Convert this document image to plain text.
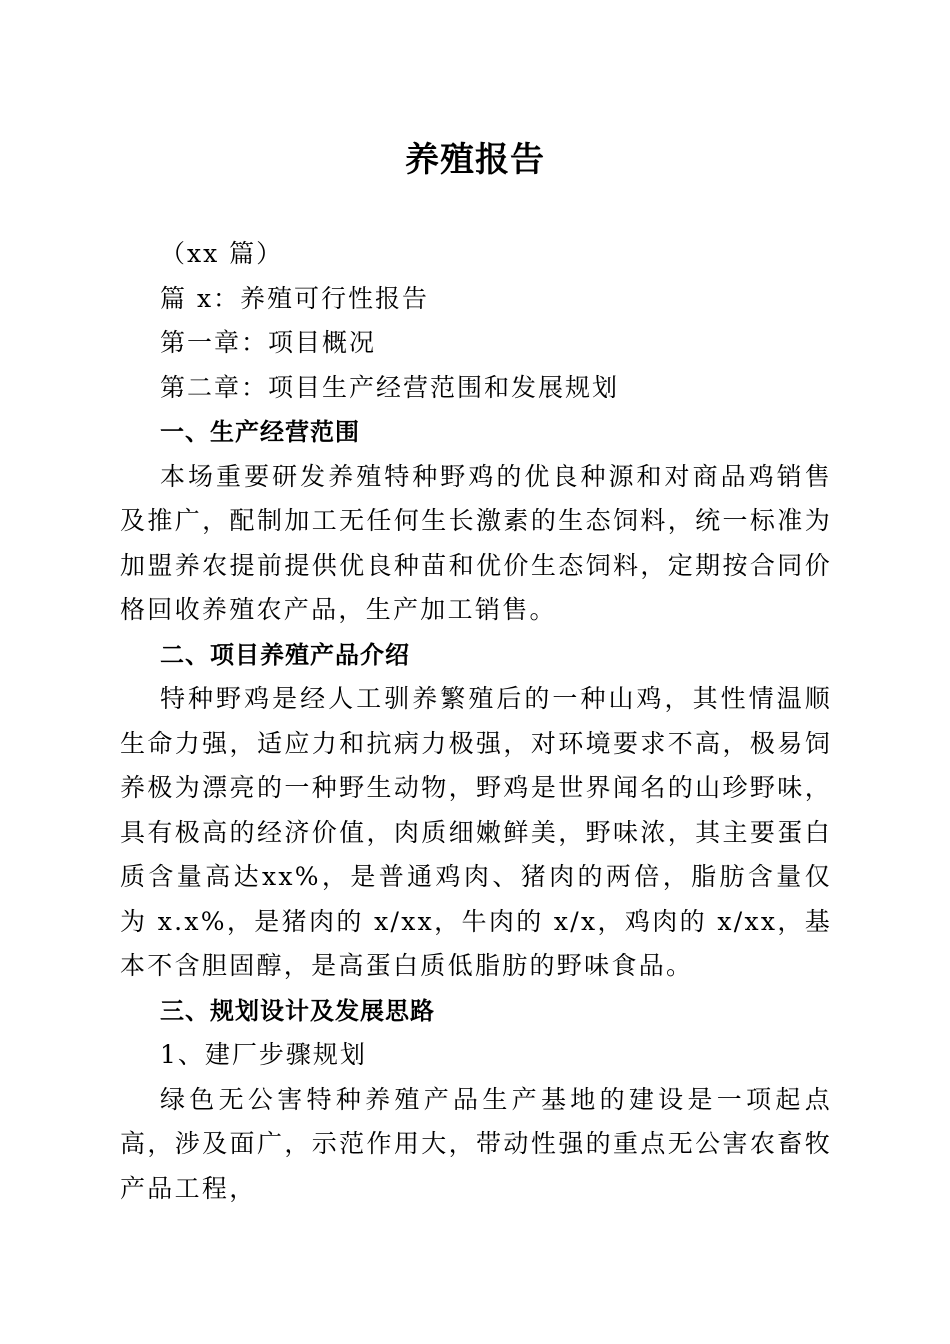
养殖报告

（xx 篇）

篇 x：养殖可行性报告

第一章：项目概况

第二章：项目生产经营范围和发展规划

一、生产经营范围

本场重要研发养殖特种野鸡的优良种源和对商品鸡销售及推广，配制加工无任何生长激素的生态饲料，统一标准为加盟养农提前提供优良种苗和优价生态饲料，定期按合同价格回收养殖农产品，生产加工销售。

二、项目养殖产品介绍

特种野鸡是经人工驯养繁殖后的一种山鸡，其性情温顺生命力强，适应力和抗病力极强，对环境要求不高，极易饲养极为漂亮的一种野生动物，野鸡是世界闻名的山珍野味，具有极高的经济价值，肉质细嫩鲜美，野味浓，其主要蛋白质含量高达xx%，是普通鸡肉、猪肉的两倍，脂肪含量仅为 x.x%，是猪肉的 x/xx，牛肉的 x/x，鸡肉的 x/xx，基本不含胆固醇，是高蛋白质低脂肪的野味食品。

三、规划设计及发展思路

1、建厂步骤规划

绿色无公害特种养殖产品生产基地的建设是一项起点高，涉及面广，示范作用大，带动性强的重点无公害农畜牧产品工程，
